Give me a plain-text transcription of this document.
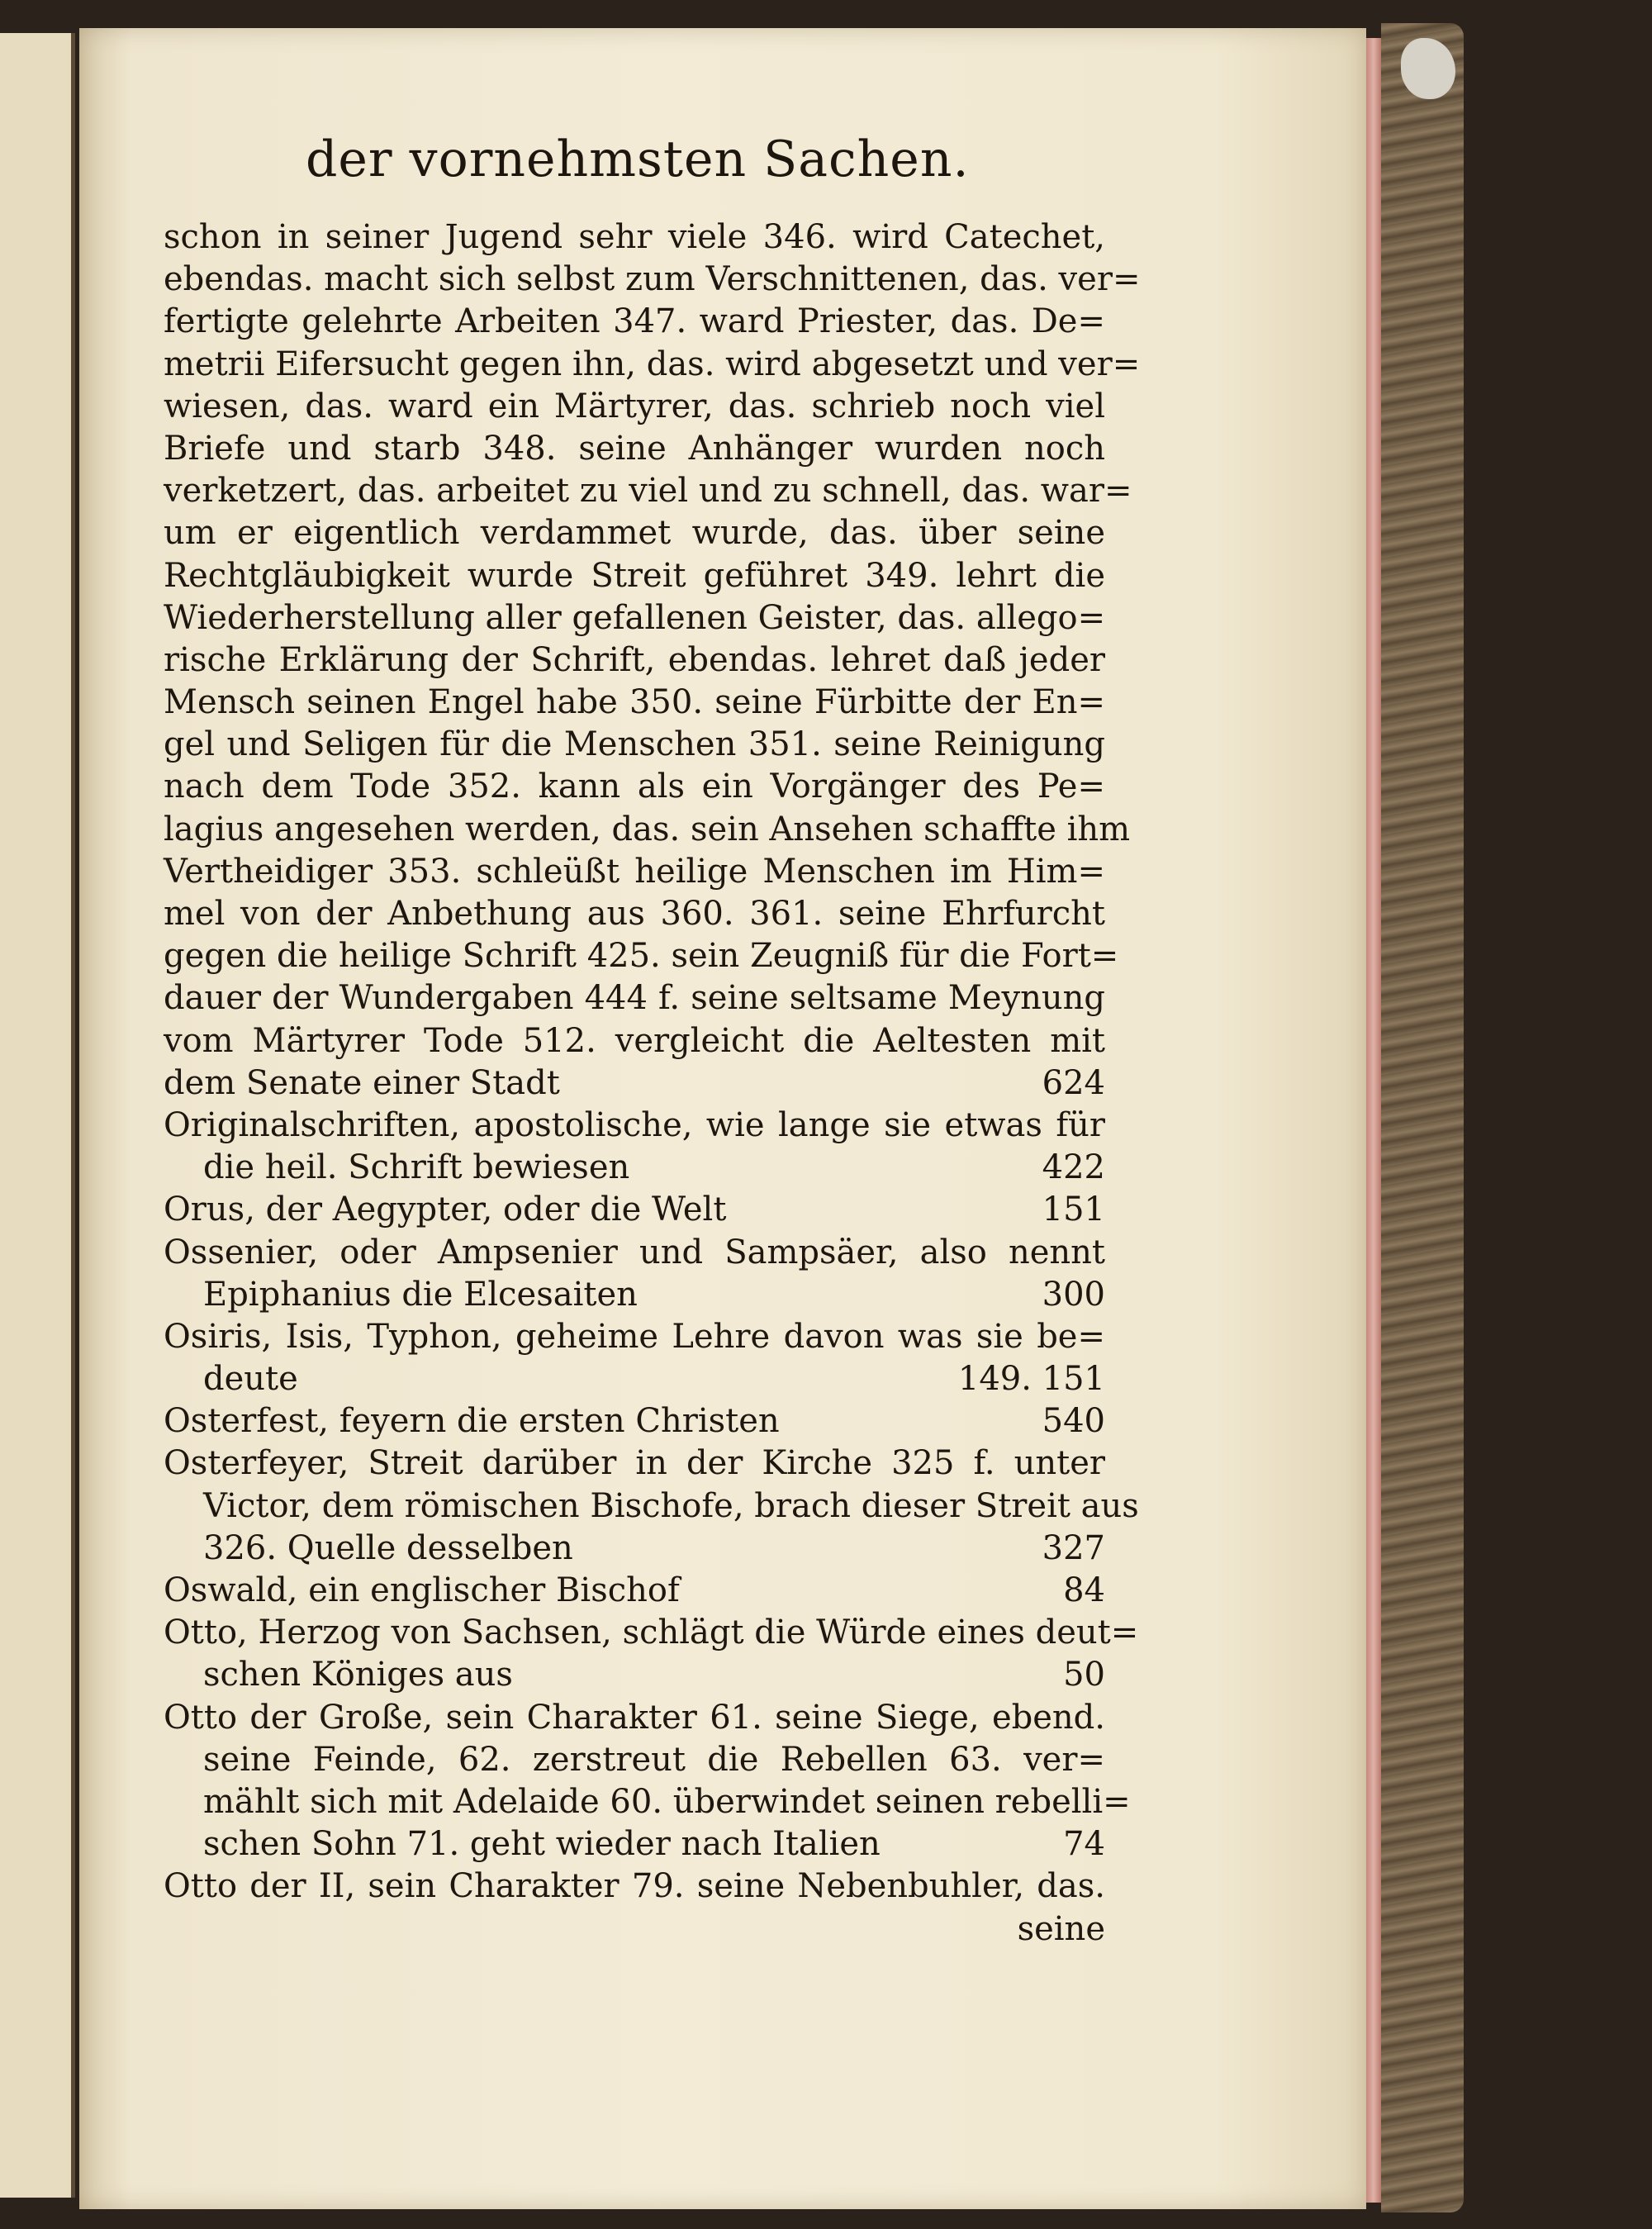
der vornehmsten Sachen.
schon in seiner Jugend sehr viele 346. wird Catechet,
ebendas. macht sich selbst zum Verschnittenen, das. ver=
fertigte gelehrte Arbeiten 347. ward Priester, das. De=
metrii Eifersucht gegen ihn, das. wird abgesetzt und ver=
wiesen, das. ward ein Märtyrer, das. schrieb noch viel
Briefe und starb 348. seine Anhänger wurden noch
verketzert, das. arbeitet zu viel und zu schnell, das. war=
um er eigentlich verdammet wurde, das. über seine
Rechtgläubigkeit wurde Streit geführet 349. lehrt die
Wiederherstellung aller gefallenen Geister, das. allego=
rische Erklärung der Schrift, ebendas. lehret daß jeder
Mensch seinen Engel habe 350. seine Fürbitte der En=
gel und Seligen für die Menschen 351. seine Reinigung
nach dem Tode 352. kann als ein Vorgänger des Pe=
lagius angesehen werden, das. sein Ansehen schaffte ihm
Vertheidiger 353. schleüßt heilige Menschen im Him=
mel von der Anbethung aus 360. 361. seine Ehrfurcht
gegen die heilige Schrift 425. sein Zeugniß für die Fort=
dauer der Wundergaben 444 f. seine seltsame Meynung
vom Märtyrer Tode 512. vergleicht die Aeltesten mit
dem Senate einer Stadt	624
Originalschriften, apostolische, wie lange sie etwas für
die heil. Schrift bewiesen	422
Orus, der Aegypter, oder die Welt	151
Ossenier, oder Ampsenier und Sampsäer, also nennt
Epiphanius die Elcesaiten	300
Osiris, Isis, Typhon, geheime Lehre davon was sie be=
deute	149. 151
Osterfest, feyern die ersten Christen	540
Osterfeyer, Streit darüber in der Kirche 325 f. unter
Victor, dem römischen Bischofe, brach dieser Streit aus
326. Quelle desselben	327
Oswald, ein englischer Bischof	84
Otto, Herzog von Sachsen, schlägt die Würde eines deut=
schen Königes aus	50
Otto der Große, sein Charakter 61. seine Siege, ebend.
seine Feinde, 62. zerstreut die Rebellen 63. ver=
mählt sich mit Adelaide 60. überwindet seinen rebelli=
schen Sohn 71. geht wieder nach Italien	74
Otto der II, sein Charakter 79. seine Nebenbuhler, das.
seine
